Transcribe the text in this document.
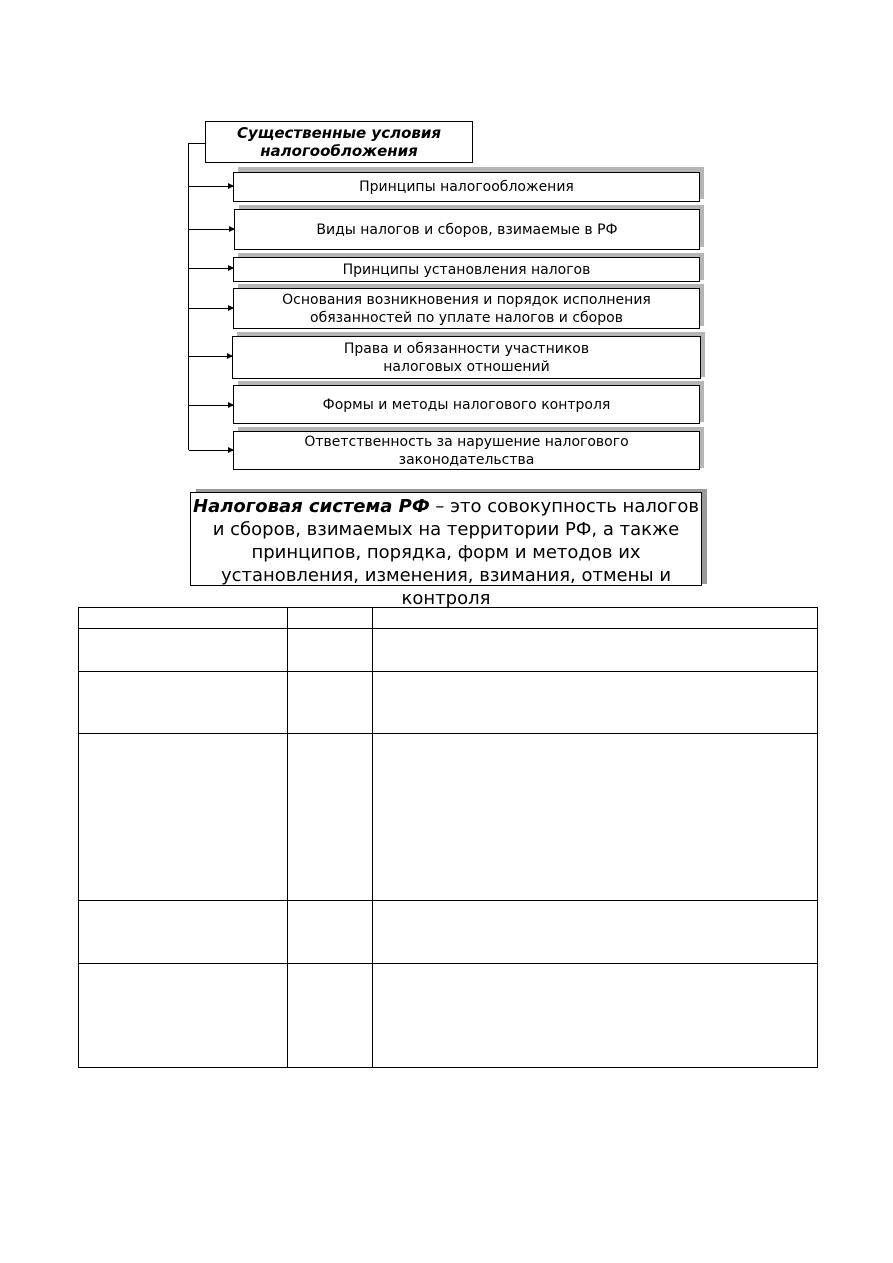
Существенные условия налогообложения
Принципы налогообложения
Виды налогов и сборов, взимаемые в РФ
Принципы установления налогов
Основания возникновения и порядок исполнения обязанностей по уплате налогов и сборов
Права и обязанности участников налоговых отношений
Формы и методы налогового контроля
Ответственность за нарушение налогового законодательства
Налоговая система РФ – это совокупность налогов и сборов, взимаемых на территории РФ, а также принципов, порядка, форм и методов их установления, изменения, взимания, отмены и контроля
